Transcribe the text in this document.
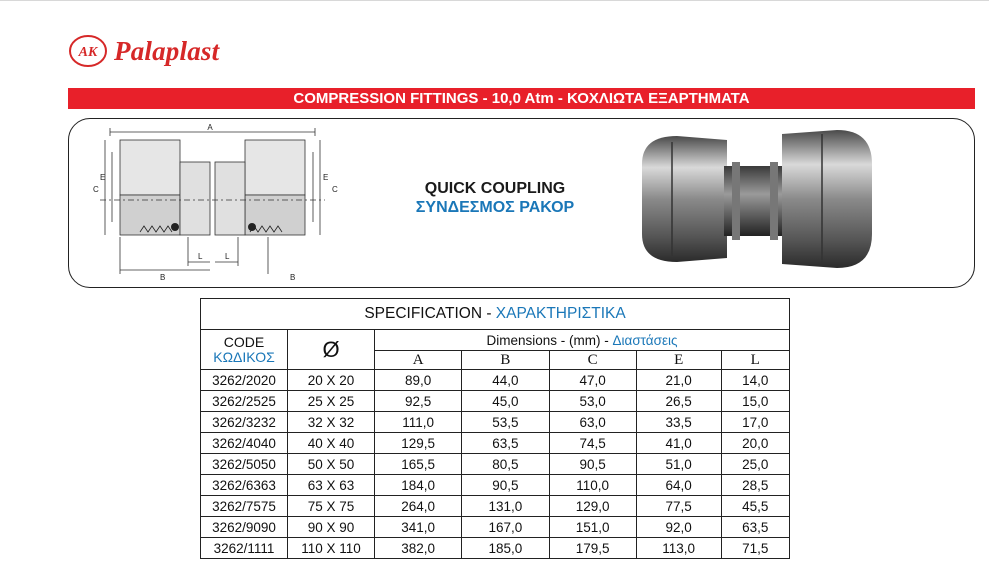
AK Palaplast
COMPRESSION FITTINGS - 10,0 Atm - ΚΟΧΛΙΩΤΑ ΕΞΑΡΤΗΜΑΤΑ
A
C
E	E
C
B	B
L	L
QUICK COUPLING
ΣΥΝΔΕΣΜΟΣ ΡΑΚΟΡ
SPECIFICATION - ΧΑΡΑΚΤΗΡΙΣΤΙΚΑ						

CODE
ΚΩΔΙΚΟΣ	Ø	Dimensions - (mm) - Διαστάσεις				
		A	B	C	E	L
3262/2020	20 X 20	89,0	44,0	47,0	21,0	14,0
3262/2525	25 X 25	92,5	45,0	53,0	26,5	15,0
3262/3232	32 X 32	111,0	53,5	63,0	33,5	17,0
3262/4040	40 X 40	129,5	63,5	74,5	41,0	20,0
3262/5050	50 X 50	165,5	80,5	90,5	51,0	25,0
3262/6363	63 X 63	184,0	90,5	110,0	64,0	28,5
3262/7575	75 X 75	264,0	131,0	129,0	77,5	45,5
3262/9090	90 X 90	341,0	167,0	151,0	92,0	63,5
3262/1111	110 X 110	382,0	185,0	179,5	113,0	71,5
